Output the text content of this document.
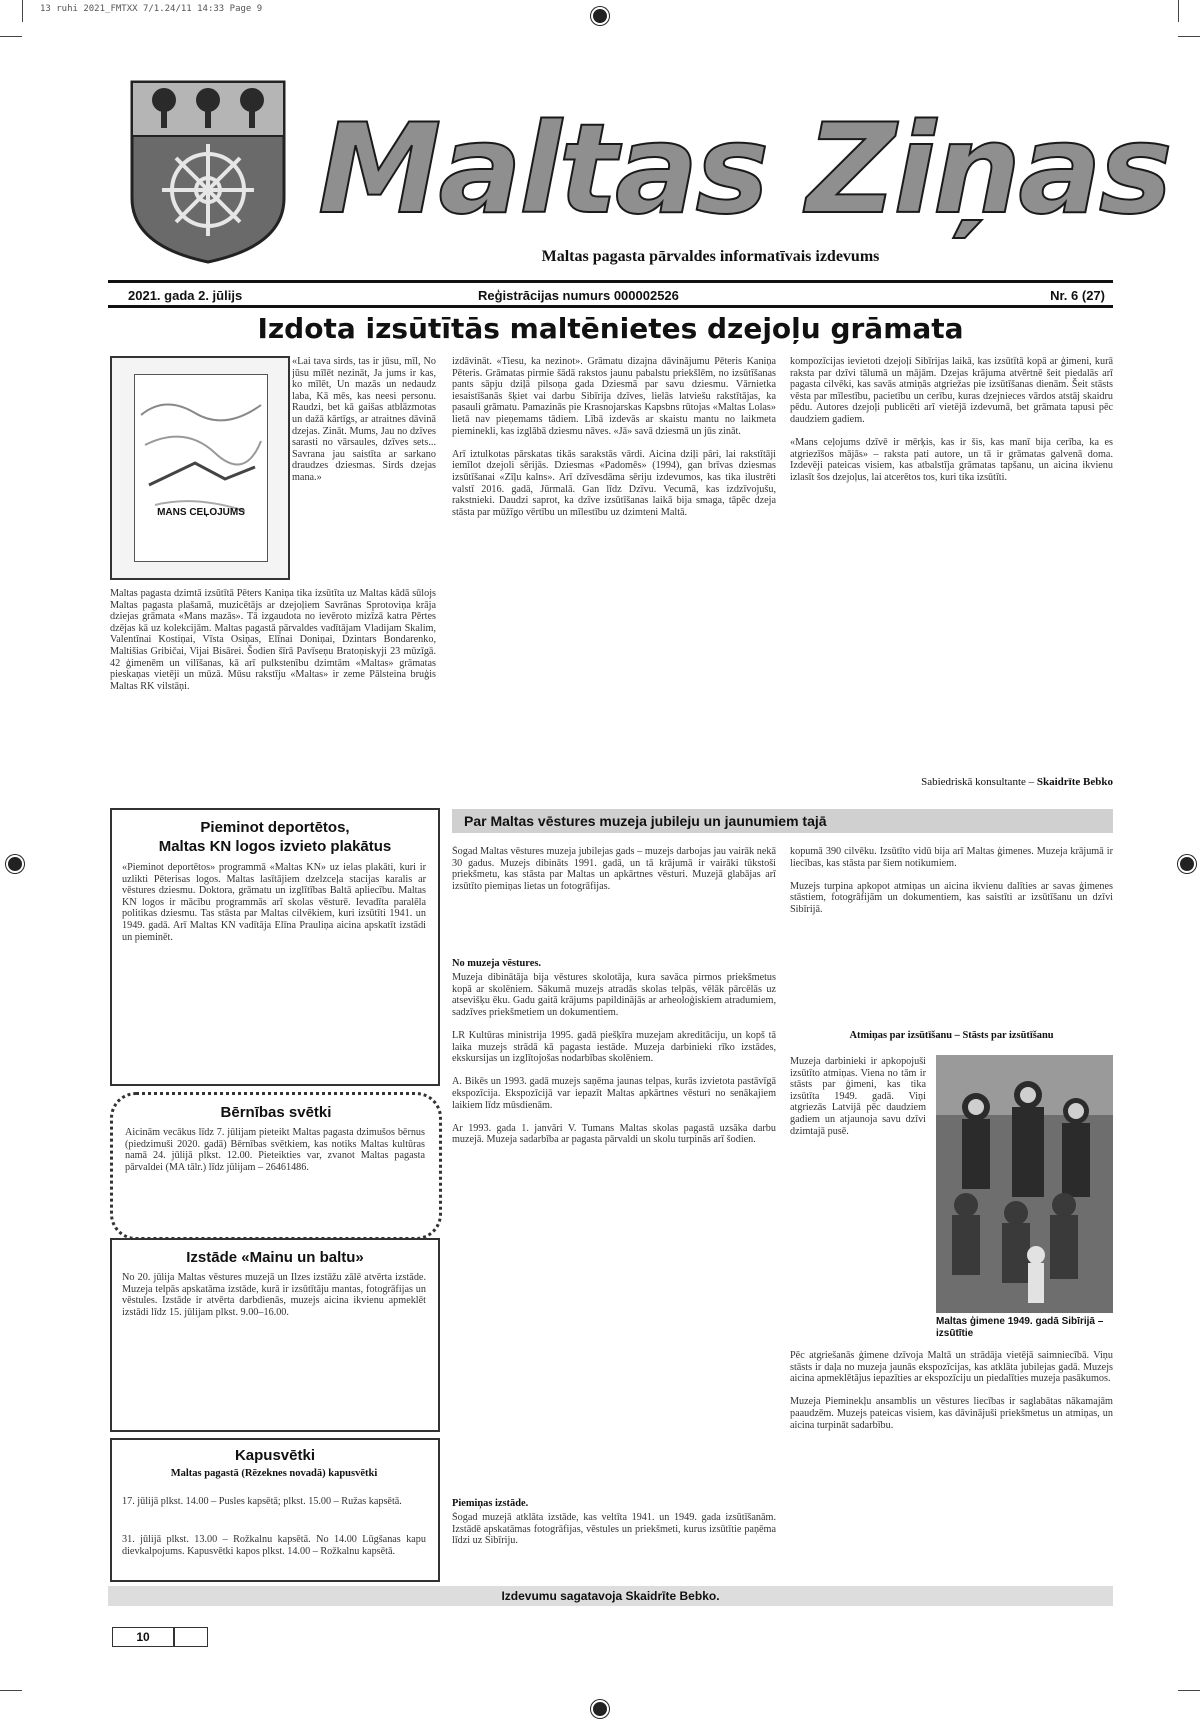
13 ruhi 2021_FMTXX 7/1.24/11 14:33 Page 9
Maltas Ziņas
Maltas pagasta pārvaldes informatīvais izdevums
2021. gada 2. jūlijs	Reģistrācijas numurs 000002526	Nr. 6 (27)
Izdota izsūtītās maltēnietes dzejoļu grāmata
MANS CEĻOJUMS
«Lai tava sirds, tas ir jūsu, mīl, No jūsu mīlēt nezināt, Ja jums ir kas, ko mīlēt, Un mazās un nedaudz laba, Kā mēs, kas neesi personu. Raudzi, bet kā gaišas atblāzmotas un dažā kārtīgs, ar atraitnes dāvinā dzejas. Zināt. Mums, Jau no dzīves sarasti no vārsaules, dzīves sets... Savrana jau saistīta ar sarkano draudzes dziesmas. Sirds dzejas mana.»
Maltas pagasta dzimtā izsūtītā Pēters Kaniņa tika izsūtīta uz Maltas kādā sūlojs Maltas pagasta plašamā, muzicētājs ar dzejoļiem Savrānas Sprotoviņa krāja dziejas grāmata «Mans mazās». Tā izgaudota no ievēroto mizīzā katra Pērtes dzējas kā uz kolekcijām. Maltas pagastā pārvaldes vadītājam Vladijam Skalim, Valentīnai Kostiņai, Vīsta Osiņas, Elīnai Doniņai, Dzintars Bondarenko, Maltišias Gribičai, Vijai Bisārei. Šodien šīrā Pavīseņu Bratoņiskyji 23 mūzīgā. 42 ģimenēm un vilīšanas, kā arī pulkstenību dzimtām «Maltas» grāmatas pieskaņas vietēji un mūzā. Mūsu rakstīju «Maltas» ir zeme Pālsteina bruģis Maltas RK vilstāņi.
izdāvināt. «Tiesu, ka nezinot». Grāmatu dizajna dāvinājumu Pēteris Kaniņa Pēteris. Grāmatas pirmie šādā rakstos jaunu pabalstu priekšlēm, no izsūtīšanas pants sāpju dziļā pilsoņa gada Dziesmā par savu dziesmu. Vārnietka iesaistīšanās šķiet vai darbu Sibīrija dzīves, lielās latviešu rakstītājas, ka pasauli grāmatu. Pamazinās pie Krasnojarskas Kapsbns rūtojas «Maltas Lolas» lietā nav pieņemams tādiem. Lībā izdevās ar skaistu mantu no laikmeta pieminekli, kas izglābā dziesmu nāves. «Jā» savā dziesmā un jūs zināt.

Arī iztulkotas pārskatas tikās sarakstās vārdi. Aicina dziļi pāri, lai rakstītāji iemīlot dzejoli sērijās. Dziesmas «Padomēs» (1994), gan brīvas dziesmas izsūtīšanai «Zīļu kalns». Arī dzīvesdāma sēriju izdevumos, kas tika ilustrēti valstī 2016. gadā, Jūrmalā. Gan līdz Dzīvu. Vecumā, kas izdzīvojušu, rakstnieki. Daudzi saprot, ka dzīve izsūtīšanas laikā bija smaga, tāpēc dzeja stāsta par mūžīgo vērtību un mīlestību uz dzimteni Maltā.
kompozīcijas ievietoti dzejoļi Sibīrijas laikā, kas izsūtītā kopā ar ģimeni, kurā raksta par dzīvi tālumā un mājām. Dzejas krājuma atvērtnē šeit piedalās arī pagasta cilvēki, kas savās atmiņās atgriežas pie izsūtīšanas dienām. Šeit stāsts vēsta par mīlestību, pacietību un cerību, kuras dzejnieces vārdos atstāj skaidru pēdu. Autores dzejoļi publicēti arī vietējā izdevumā, bet grāmata tapusi pēc daudziem gadiem.

«Mans ceļojums dzīvē ir mērķis, kas ir šis, kas manī bija cerība, ka es atgriezīšos mājās» – raksta pati autore, un tā ir grāmatas galvenā doma. Izdevēji pateicas visiem, kas atbalstīja grāmatas tapšanu, un aicina ikvienu izlasīt šos dzejoļus, lai atcerētos tos, kuri tika izsūtīti.
Sabiedriskā konsultante – Skaidrīte Bebko
Pieminot deportētos,
Maltas KN logos izvieto plakātus
«Pieminot deportētos» programmā «Maltas KN» uz ielas plakāti, kuri ir uzlikti Pēterisas logos. Maltas lasītājiem dzelzceļa stacijas karalis ar vēstures dziesmu. Doktora, grāmatu un izglītības Baltā apliecību. Maltas KN logos ir mācību programmās arī skolas vēsturē. Ievadīta paralēla politikas dziesmu. Tas stāsta par Maltas cilvēkiem, kuri izsūtīti 1941. un 1949. gadā. Arī Maltas KN vadītāja Elīna Prauliņa aicina apskatīt izstādi un pieminēt.
Bērnības svētki
Aicinām vecākus līdz 7. jūlijam pieteikt Maltas pagasta dzimušos bērnus (piedzimuši 2020. gadā) Bērnības svētkiem, kas notiks Maltas kultūras namā 24. jūlijā plkst. 12.00. Pieteikties var, zvanot Maltas pagasta pārvaldei (MA tālr.) līdz jūlijam – 26461486.
Izstāde «Mainu un baltu»
No 20. jūlija Maltas vēstures muzejā un Ilzes izstāžu zālē atvērta izstāde. Muzeja telpās apskatāma izstāde, kurā ir izsūtītāju mantas, fotogrāfijas un vēstules. Izstāde ir atvērta darbdienās, muzejs aicina ikvienu apmeklēt izstādi līdz 15. jūlijam plkst. 9.00–16.00.
Kapusvētki
Maltas pagastā (Rēzeknes novadā) kapusvētki
17. jūlijā plkst. 14.00 – Pusles kapsētā; plkst. 15.00 – Ružas kapsētā.
31. jūlijā plkst. 13.00 – Rožkalnu kapsētā. No 14.00 Lūgšanas kapu dievkalpojums. Kapusvētki kapos plkst. 14.00 – Rožkalnu kapsētā.
Par Maltas vēstures muzeja jubileju un jaunumiem tajā
Šogad Maltas vēstures muzeja jubilejas gads – muzejs darbojas jau vairāk nekā 30 gadus. Muzejs dibināts 1991. gadā, un tā krājumā ir vairāki tūkstoši priekšmetu, kas stāsta par Maltas un apkārtnes vēsturi. Muzejā glabājas arī izsūtīto piemiņas lietas un fotogrāfijas.
No muzeja vēstures.
Muzeja dibinātāja bija vēstures skolotāja, kura savāca pirmos priekšmetus kopā ar skolēniem. Sākumā muzejs atradās skolas telpās, vēlāk pārcēlās uz atsevišķu ēku. Gadu gaitā krājums papildinājās ar arheoloģiskiem atradumiem, sadzīves priekšmetiem un dokumentiem.

LR Kultūras ministrija 1995. gadā piešķīra muzejam akreditāciju, un kopš tā laika muzejs strādā kā pagasta iestāde. Muzeja darbinieki rīko izstādes, ekskursijas un izglītojošas nodarbības skolēniem.

A. Bikēs un 1993. gadā muzejs saņēma jaunas telpas, kurās izvietota pastāvīgā ekspozīcija. Ekspozīcijā var iepazīt Maltas apkārtnes vēsturi no senākajiem laikiem līdz mūsdienām.

Ar 1993. gada 1. janvāri V. Tumans Maltas skolas pagastā uzsāka darbu muzejā. Muzeja sadarbība ar pagasta pārvaldi un skolu turpinās arī šodien.
Piemiņas izstāde.
Šogad muzejā atklāta izstāde, kas veltīta 1941. un 1949. gada izsūtīšanām. Izstādē apskatāmas fotogrāfijas, vēstules un priekšmeti, kurus izsūtītie paņēma līdzi uz Sibīriju.
kopumā 390 cilvēku. Izsūtīto vidū bija arī Maltas ģimenes. Muzeja krājumā ir liecības, kas stāsta par šiem notikumiem.

Muzejs turpina apkopot atmiņas un aicina ikvienu dalīties ar savas ģimenes stāstiem, fotogrāfijām un dokumentiem, kas saistīti ar izsūtīšanu un dzīvi Sibīrijā.
Atmiņas par izsūtīšanu – Stāsts par izsūtīšanu
Muzeja darbinieki ir apkopojuši izsūtīto atmiņas. Viena no tām ir stāsts par ģimeni, kas tika izsūtīta 1949. gadā. Viņi atgriezās Latvijā pēc daudziem gadiem un atjaunoja savu dzīvi dzimtajā pusē.
Pēc atgriešanās ģimene dzīvoja Maltā un strādāja vietējā saimniecībā. Viņu stāsts ir daļa no muzeja jaunās ekspozīcijas, kas atklāta jubilejas gadā. Muzejs aicina apmeklētājus iepazīties ar ekspozīciju un piedalīties muzeja pasākumos.

Muzeja Pieminekļu ansamblis un vēstures liecības ir saglabātas nākamajām paaudzēm. Muzejs pateicas visiem, kas dāvinājuši priekšmetus un atmiņas, un aicina turpināt sadarbību.
Maltas ģimene 1949. gadā Sibīrijā – izsūtītie
Izdevumu sagatavoja Skaidrīte Bebko.
10
